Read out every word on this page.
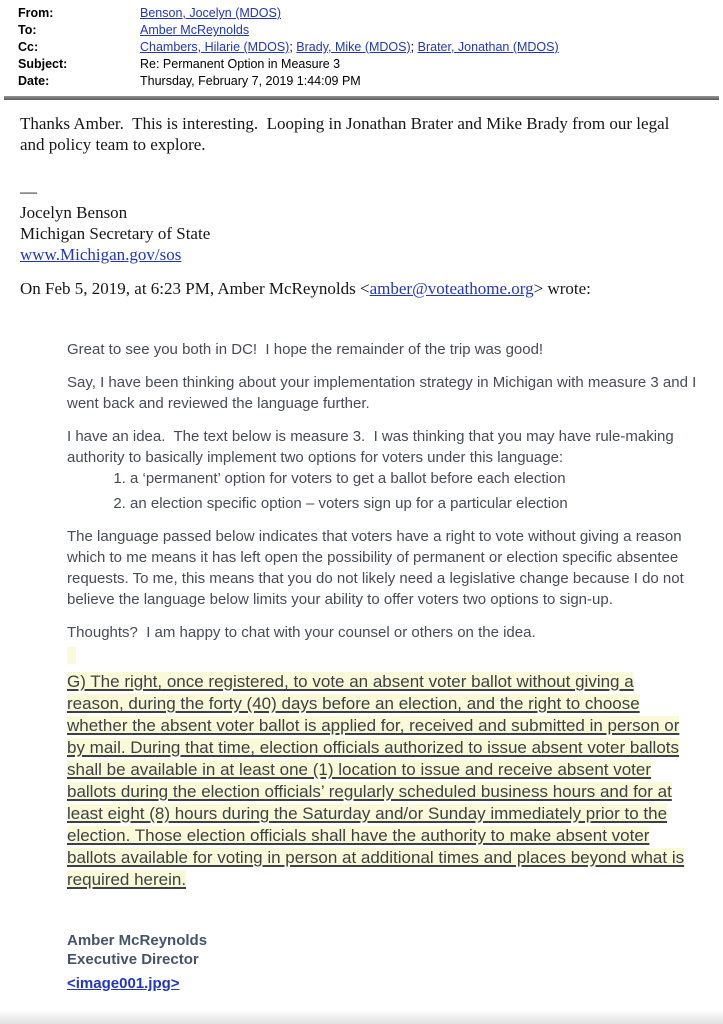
From:	Benson, Jocelyn (MDOS)
To:	Amber McReynolds
Cc:	Chambers, Hilarie (MDOS); Brady, Mike (MDOS); Brater, Jonathan (MDOS)
Subject:	Re: Permanent Option in Measure 3
Date:	Thursday, February 7, 2019 1:44:09 PM

Thanks Amber.  This is interesting.  Looping in Jonathan Brater and Mike Brady from our legal and policy team to explore.

—

Jocelyn Benson

Michigan Secretary of State

www.Michigan.gov/sos

On Feb 5, 2019, at 6:23 PM, Amber McReynolds <amber@voteathome.org> wrote:

Great to see you both in DC!  I hope the remainder of the trip was good!

Say, I have been thinking about your implementation strategy in Michigan with measure 3 and I went back and reviewed the language further.

I have an idea.  The text below is measure 3.  I was thinking that you may have rule-making authority to basically implement two options for voters under this language:

1. a ‘permanent’ option for voters to get a ballot before each election
2. an election specific option – voters sign up for a particular election

The language passed below indicates that voters have a right to vote without giving a reason which to me means it has left open the possibility of permanent or election specific absentee requests. To me, this means that you do not likely need a legislative change because I do not believe the language below limits your ability to offer voters two options to sign-up.

Thoughts?  I am happy to chat with your counsel or others on the idea.

G) The right, once registered, to vote an absent voter ballot without giving a reason, during the forty (40) days before an election, and the right to choose whether the absent voter ballot is applied for, received and submitted in person or by mail. During that time, election officials authorized to issue absent voter ballots shall be available in at least one (1) location to issue and receive absent voter ballots during the election officials’ regularly scheduled business hours and for at least eight (8) hours during the Saturday and/or Sunday immediately prior to the election. Those election officials shall have the authority to make absent voter ballots available for voting in person at additional times and places beyond what is required herein.
Amber McReynolds
Executive Director
<image001.jpg>
